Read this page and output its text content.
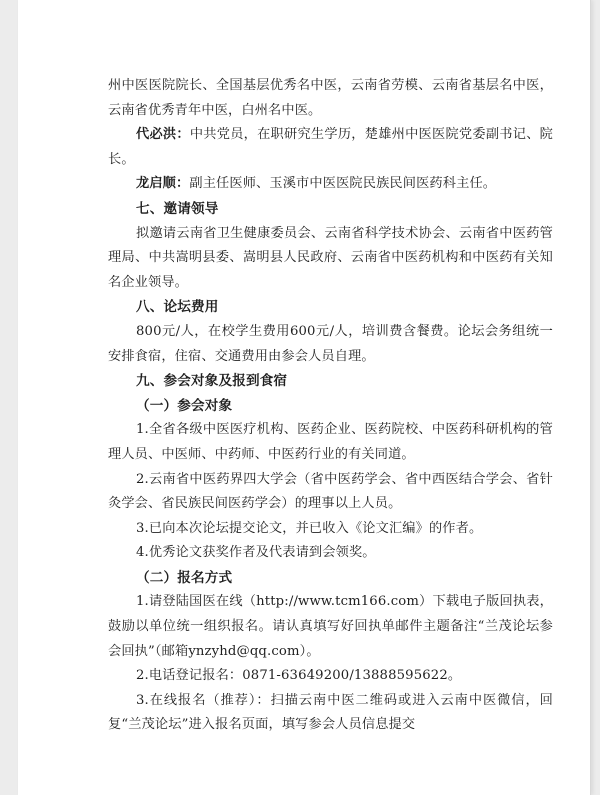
州中医医院院长、全国基层优秀名中医，云南省劳模、云南省基层名中医，云南省优秀青年中医，白州名中医。

代必洪：中共党员，在职研究生学历，楚雄州中医医院党委副书记、院长。

龙启顺：副主任医师、玉溪市中医医院民族民间医药科主任。

七、邀请领导

拟邀请云南省卫生健康委员会、云南省科学技术协会、云南省中医药管理局、中共嵩明县委、嵩明县人民政府、云南省中医药机构和中医药有关知名企业领导。

八、论坛费用

800元/人，在校学生费用600元/人，培训费含餐费。论坛会务组统一安排食宿，住宿、交通费用由参会人员自理。

九、参会对象及报到食宿

（一）参会对象

1.全省各级中医医疗机构、医药企业、医药院校、中医药科研机构的管理人员、中医师、中药师、中医药行业的有关同道。

2.云南省中医药界四大学会（省中医药学会、省中西医结合学会、省针灸学会、省民族民间医药学会）的理事以上人员。

3.已向本次论坛提交论文，并已收入《论文汇编》的作者。

4.优秀论文获奖作者及代表请到会领奖。

（二）报名方式

1.请登陆国医在线（http://www.tcm166.com）下载电子版回执表，鼓励以单位统一组织报名。请认真填写好回执单邮件主题备注“兰茂论坛参会回执”（邮箱ynzyhd@qq.com）。

2.电话登记报名：0871-63649200/13888595622。

3.在线报名（推荐）：扫描云南中医二维码或进入云南中医微信，回复“兰茂论坛”进入报名页面，填写参会人员信息提交
